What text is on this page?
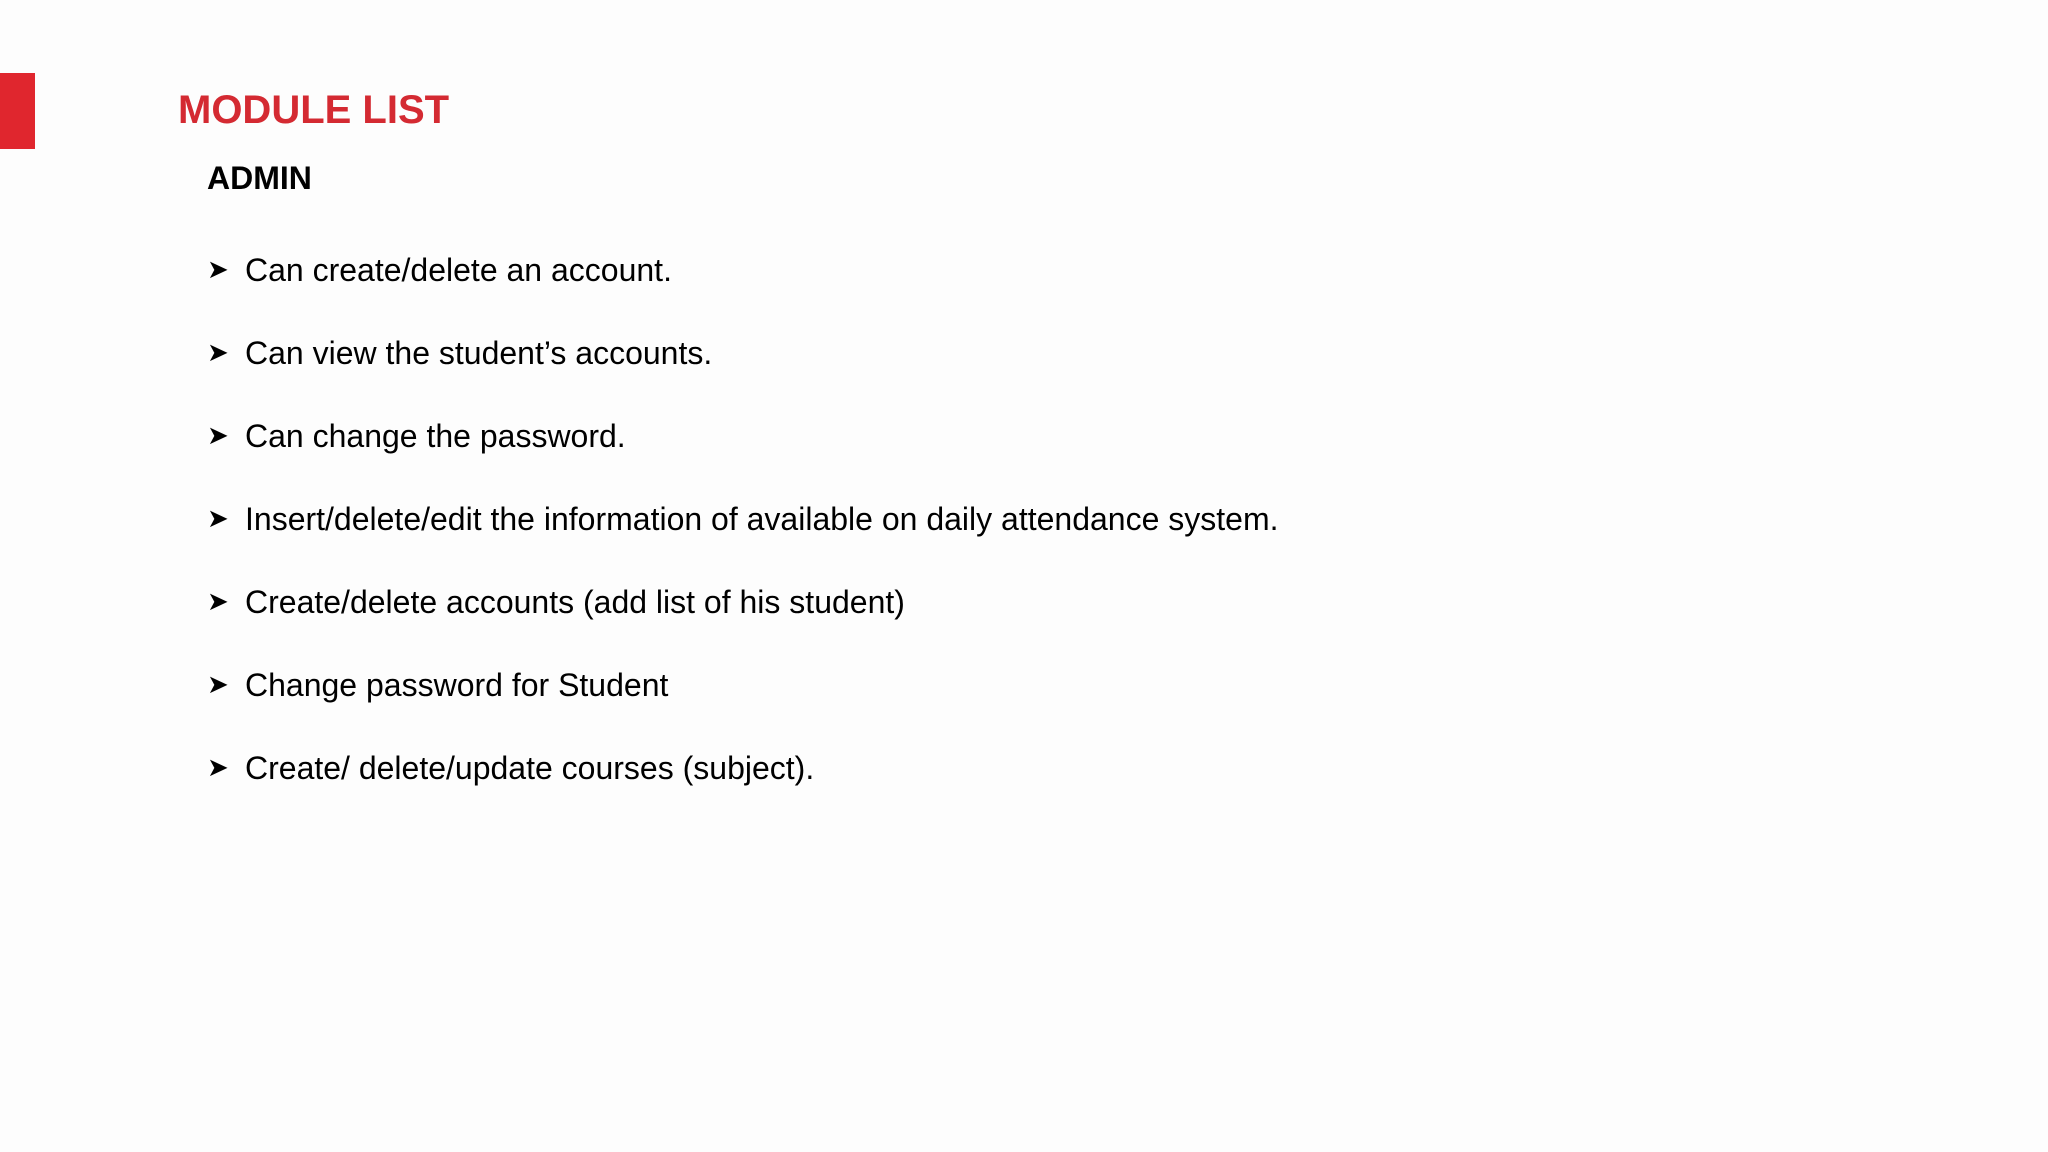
MODULE LIST
ADMIN
➤ Can create/delete an account.
➤ Can view the student’s accounts.
➤ Can change the password.
➤ Insert/delete/edit the information of available on daily attendance system.
➤ Create/delete accounts (add list of his student)
➤ Change password for Student
➤ Create/ delete/update courses (subject).
